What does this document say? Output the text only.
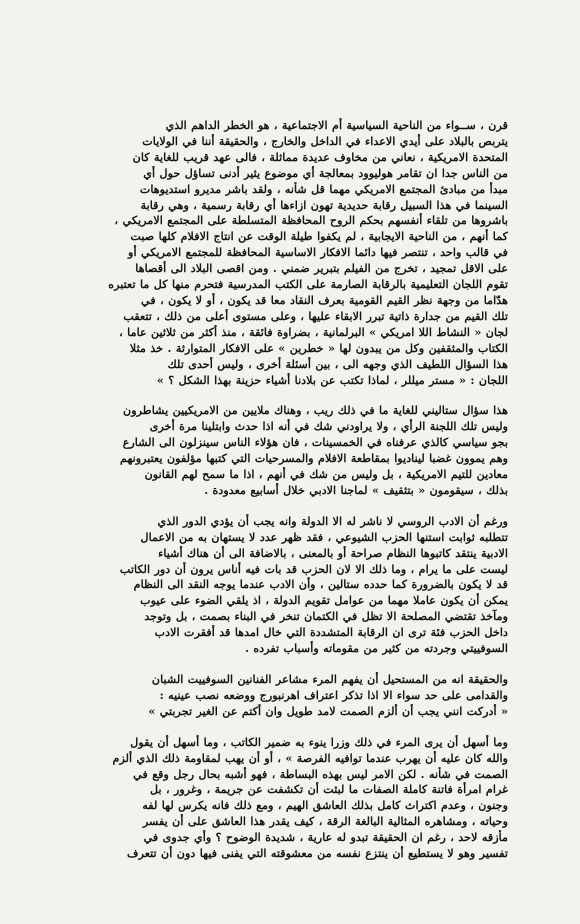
قرن ، ســواء من الناحية السياسية أم الاجتماعية ، هو الخطر الداهم الذي
يتربص بالبلاد على أيدي الاعداء في الداخل والخارج ، والحقيقة أننا في الولايات
المتحدة الامريكية ، نعاني من مخاوف عديدة مماثلة ، فالى عهد قريب للغاية كان
من الناس جدا ان تقامر هوليوود بمعالجة أي موضوع يثير أدنى تساؤل حول أي
مبدأ من مبادئ المجتمع الامريكي مهما قل شأنه ، ولقد باشر مديرو استديوهات
السينما في هذا السبيل رقابة حديدية تهون ازاءها أي رقابة رسمية ، وهي رقابة
باشروها من تلقاء أنفسهم بحكم الروح المحافظة المتسلطة على المجتمع الامريكي ،
كما أنهم ، من الناحية الايجابية ، لم يكفوا طيلة الوقت عن انتاج الافلام كلها صبت
في قالب واحد ، تنتصر فيها دائما الافكار الاساسية المحافظة للمجتمع الامريكي أو
على الاقل تمجيد ، تخرج من الفيلم بتبرير ضمني . ومن اقصى البلاد الى أقصاها
تقوم اللجان التعليمية بالرقابة الصارمة على الكتب المدرسية فتحرم منها كل ما تعتبره
هدّاما من وجهة نظر القيم القومية بعرف النقاد معا قد يكون ، أو لا يكون ، في
تلك القيم من جدارة ذاتية تبرر الابقاء عليها ، وعلى مستوى أعلى من ذلك ، تتعقب
لجان « النشاط اللا امريكي » البرلمانية ، بضراوة فائقة ، منذ أكثر من ثلاثين عاما ،
الكتاب والمثقفين وكل من يبدون لها « خطرين » على الافكار المتوارثة . خذ مثلا
هذا السؤال اللطيف الذي وجهه الى ، بين أسئلة أخرى ، وليس أحدى تلك
اللجان : « مستر ميللر ، لماذا تكتب عن بلادنا أشياء حزينة بهذا الشكل ؟ »
هذا سؤال ستاليني للغاية ما في ذلك ريب ، وهناك ملايين من الامريكيين يشاطرون
وليس تلك اللجنة الرأي ، ولا يراودني شك في أنه اذا حدث وابتلينا مرة أخرى
بجو سياسي كالذي عرفناه في الخمسينات ، فان هؤلاء الناس سينزلون الى الشارع
وهم يموون غضبا ليناديوا بمقاطعة الافلام والمسرحيات التي كتبها مؤلفون يعتبرونهم
معادين للتيم الامريكية ، بل وليس من شك في أنهم ، اذا ما سمح لهم القانون
بذلك ، سيقومون « بتثقيف » لماجنا الادبي خلال أسابيع معدودة .
ورغم أن الادب الروسي لا ناشر له الا الدولة وانه يجب أن يؤدي الدور الذي
تتطلبه ثوابت استنها الحزب الشيوعي ، فقد ظهر عدد لا يستهان به من الاعمال
الادبية ينتقد كاتبوها النظام صراحة أو بالمعنى ، بالاضافة الى أن هناك أشياء
ليست على ما يرام ، وما ذلك الا لان الحزب قد بات فيه أناس يرون أن دور الكاتب
قد لا يكون بالضرورة كما حدده ستالين ، وأن الادب عندما يوجه النقد الى النظام
يمكن أن يكون عاملا مهما من عوامل تقويم الدولة ، اذ يلقي الضوء على عيوب
ومآخذ تقتضي المصلحة الا تظل في الكتمان تنخر في البناء بصمت ، بل وتوجد
داخل الحزب فئة ترى ان الرقابة المتشددة التي خال امدها قد أفقرت الادب
السوفييتي وجردته من كثير من مقوماته وأسباب تفرده .
والحقيقة انه من المستحيل أن يفهم المرء مشاعر الفنانين السوفييت الشبان
والقدامى على حد سواء الا اذا تذكر اعتراف اهرنبورج ووضعه نصب عينيه :
« أدركت انني يجب أن ألزم الصمت لامد طويل وان أكتم عن الغير تجربتي »
وما أسهل أن يرى المرء في ذلك وزرا ينوء به ضمير الكاتب ، وما أسهل أن يقول
والله كان عليه أن يهرب عندما توافيه الفرصة » ، أو أن يهب لمقاومة ذلك الذي ألزم
الصمت في شأنه . لكن الامر ليس بهذه البساطة ، فهو أشبه بحال رجل وقع في
غرام امرأة فاتنة كاملة الصفات ما لبثت أن تكشفت عن جريمة ، وغرور ، بل
وجنون ، وعدم اكتراث كامل بذلك العاشق الهيم ، ومع ذلك فانه يكرس لها لفه
وحياته ، ومشاهره المثالية البالغة الرقة ، كيف يقدر هذا العاشق على أن يفسر
مأزقه لاحد ، رغم ان الحقيقة تبدو له عارية ، شديدة الوضوح ؟ وأي جدوى في
تفسير وهو لا يستطيع أن ينتزع نفسه من معشوقته التي يفنى فيها دون أن تتعرف
